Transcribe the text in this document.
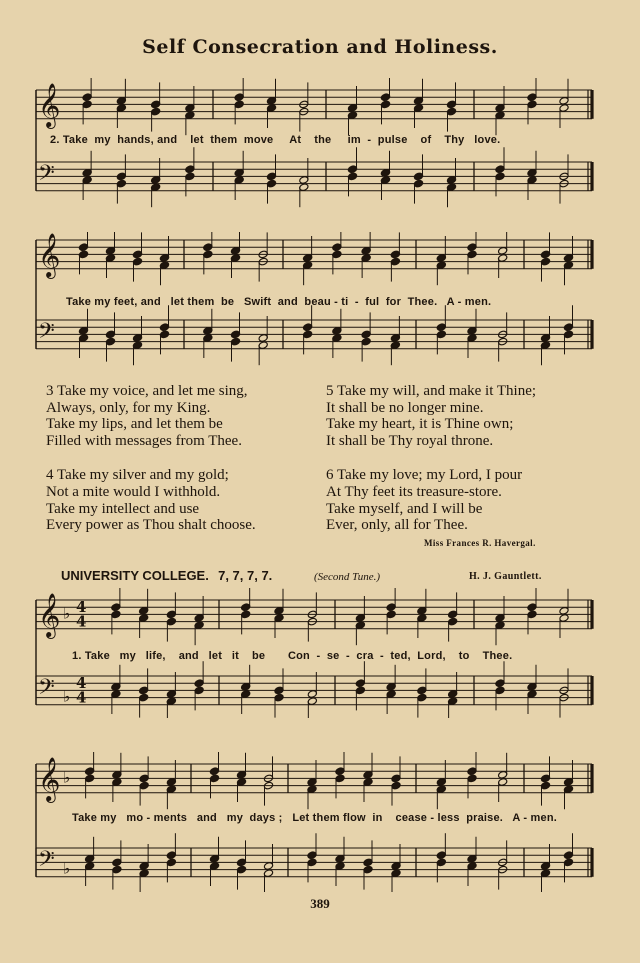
Self Consecration and Holiness.
𝄞
𝄢
2. Take  my  hands, and    let  them  move     At    the     im  -  pulse    of    Thy   love.
𝄞
𝄢
Take my feet, and   let them  be   Swift  and  beau - ti  -  ful  for  Thee.   A - men.
3 Take my voice, and let me sing,
Always, only, for my King.
Take my lips, and let them be
Filled with messages from Thee.
4 Take my silver and my gold;
Not a mite would I withhold.
Take my intellect and use
Every power as Thou shalt choose.
5 Take my will, and make it Thine;
It shall be no longer mine.
Take my heart, it is Thine own;
It shall be Thy royal throne.
6 Take my love; my Lord, I pour
At Thy feet its treasure-store.
Take myself, and I will be
Ever, only, all for Thee.
Miss Frances R. Havergal.
UNIVERSITY COLLEGE. 7, 7, 7, 7.	(Second Tune.)	H. J. Gauntlett.
𝄞 ♭ 4
4
𝄢 ♭
4
4
1. Take   my   life,    and   let   it    be       Con  -  se  -  cra  -  ted,  Lord,    to    Thee.
𝄞 ♭
𝄢 ♭
Take my   mo - ments   and   my  days ;   Let them flow  in    cease - less  praise.   A - men.
389
